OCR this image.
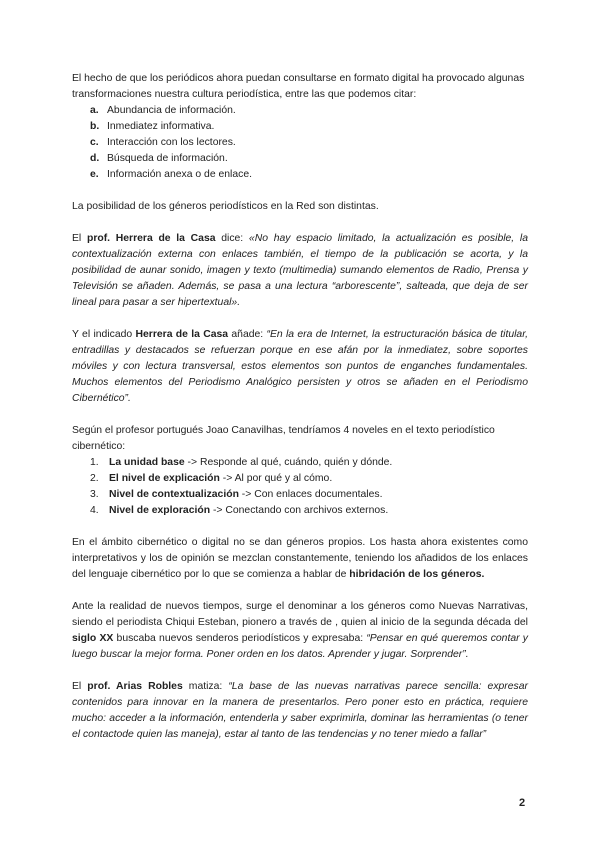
El hecho de que los periódicos ahora puedan consultarse en formato digital ha provocado algunas transformaciones nuestra cultura periodística, entre las que podemos citar:

a. Abundancia de información.
b. Inmediatez informativa.
c. Interacción con los lectores.
d. Búsqueda de información.
e. Información anexa o de enlace.

La posibilidad de los géneros periodísticos en la Red son distintas.

El prof. Herrera de la Casa dice: «No hay espacio limitado, la actualización es posible, la contextualización externa con enlaces también, el tiempo de la publicación se acorta, y la posibilidad de aunar sonido, imagen y texto (multimedia) sumando elementos de Radio, Prensa y Televisión se añaden. Además, se pasa a una lectura “arborescente”, salteada, que deja de ser lineal para pasar a ser hipertextual».

Y el indicado Herrera de la Casa añade: “En la era de Internet, la estructuración básica de titular, entradillas y destacados se refuerzan porque en ese afán por la inmediatez, sobre soportes móviles y con lectura transversal, estos elementos son puntos de enganches fundamentales. Muchos elementos del Periodismo Analógico persisten y otros se añaden en el Periodismo Cibernético”.

Según el profesor portugués Joao Canavilhas, tendríamos 4 noveles en el texto periodístico cibernético:

1. La unidad base -> Responde al qué, cuándo, quién y dónde.
2. El nivel de explicación -> Al por qué y al cómo.
3. Nivel de contextualización -> Con enlaces documentales.
4. Nivel de exploración -> Conectando con archivos externos.

En el ámbito cibernético o digital no se dan géneros propios. Los hasta ahora existentes como interpretativos y los de opinión se mezclan constantemente, teniendo los añadidos de los enlaces del lenguaje cibernético por lo que se comienza a hablar de hibridación de los géneros.

Ante la realidad de nuevos tiempos, surge el denominar a los géneros como Nuevas Narrativas, siendo el periodista Chiqui Esteban, pionero a través de , quien al inicio de la segunda década del siglo XX buscaba nuevos senderos periodísticos y expresaba: “Pensar en qué queremos contar y luego buscar la mejor forma. Poner orden en los datos. Aprender y jugar. Sorprender”.

El prof. Arias Robles matiza: “La base de las nuevas narrativas parece sencilla: expresar contenidos para innovar en la manera de presentarlos. Pero poner esto en práctica, requiere mucho: acceder a la información, entenderla y saber exprimirla, dominar las herramientas (o tener el contactode quien las maneja), estar al tanto de las tendencias y no tener miedo a fallar”

2
